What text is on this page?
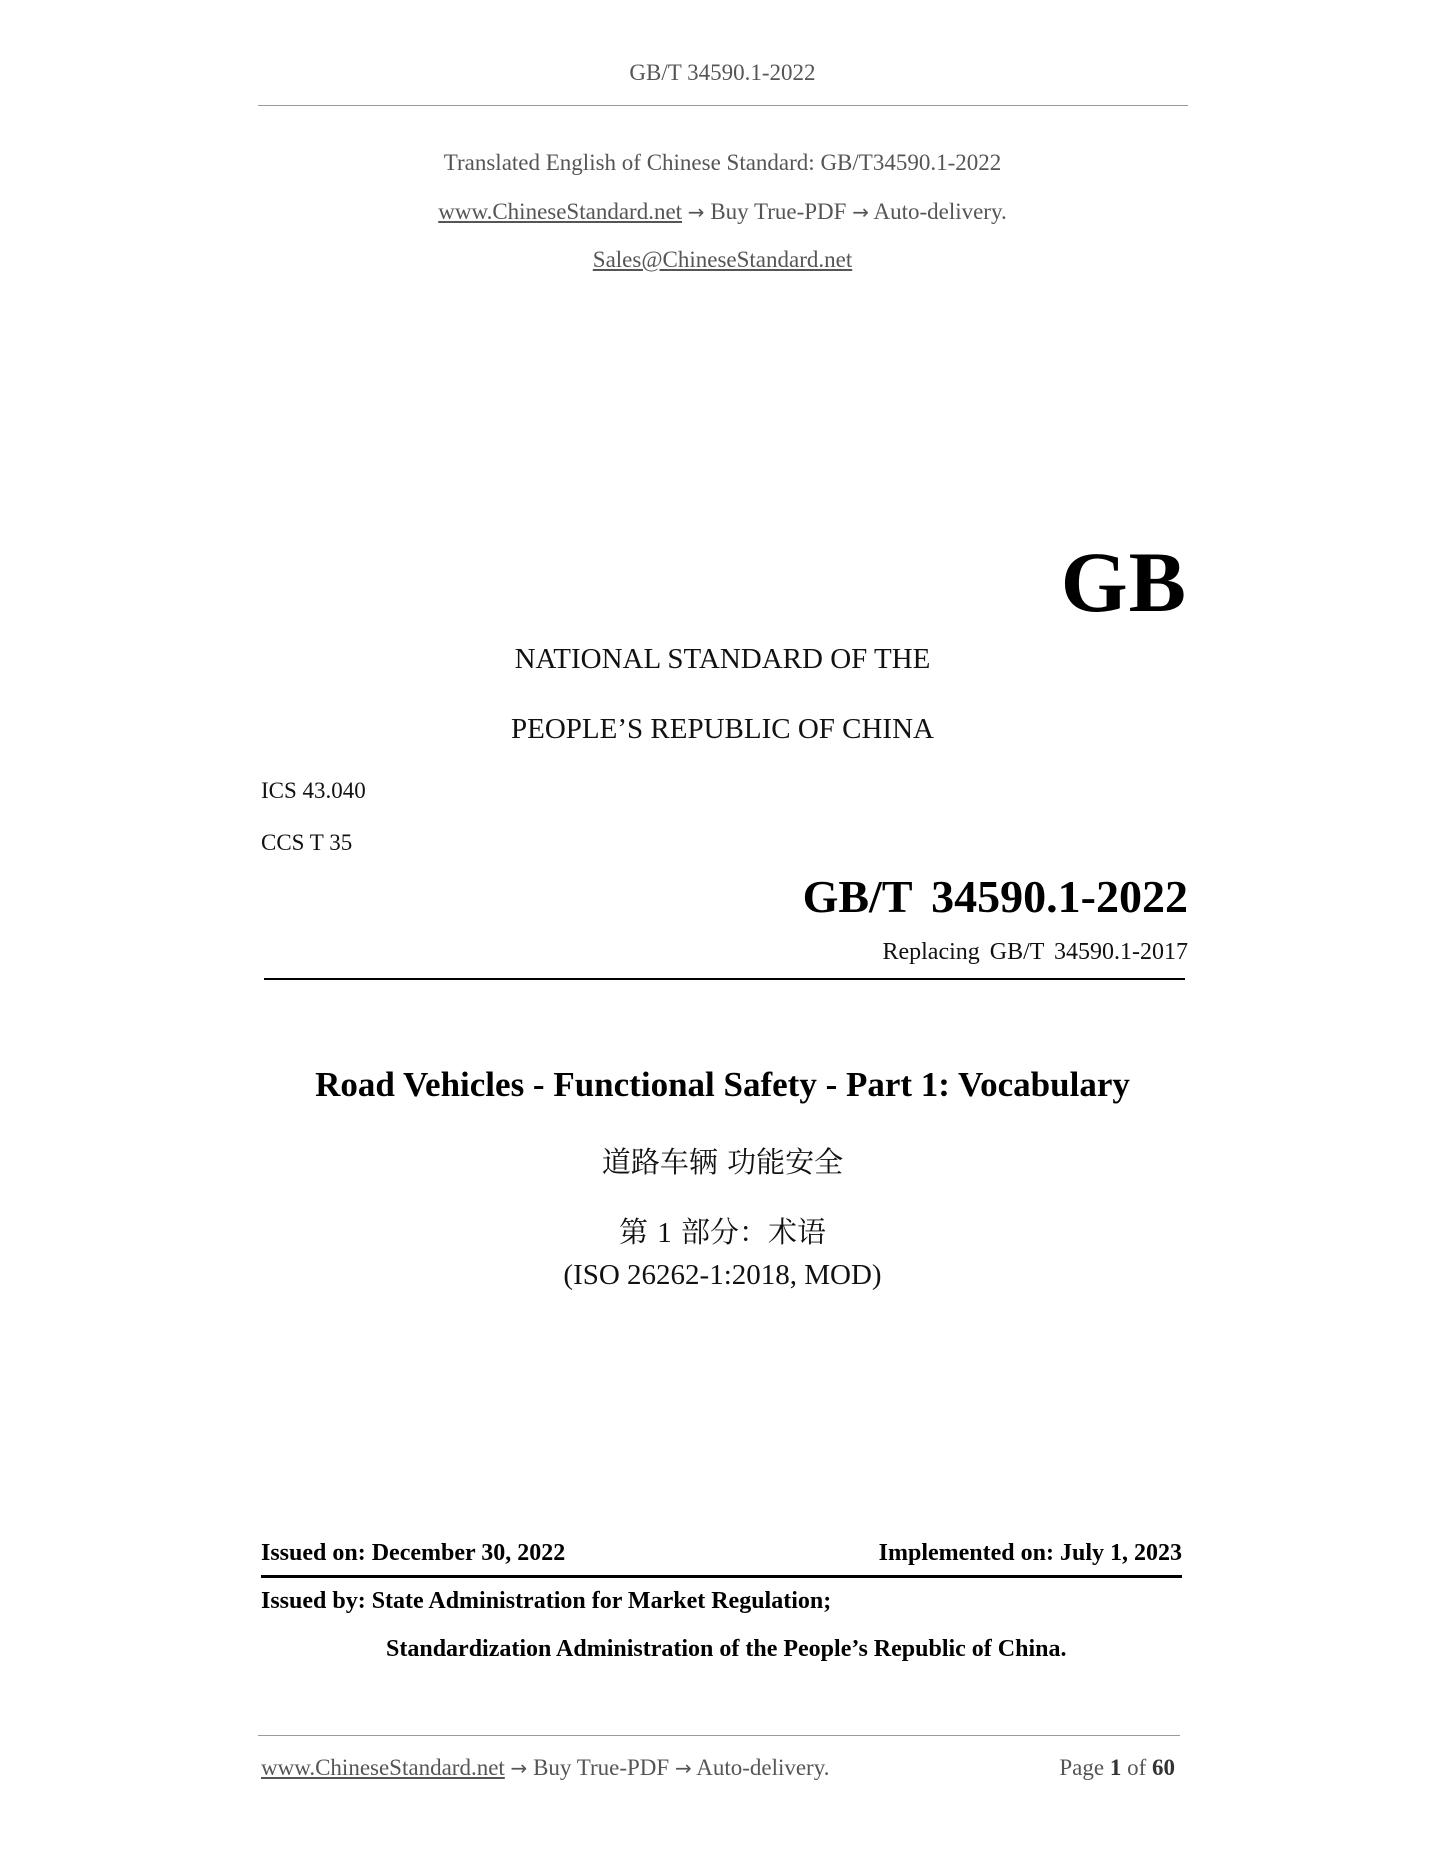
GB/T 34590.1-2022
Translated English of Chinese Standard: GB/T34590.1-2022
www.ChineseStandard.net → Buy True-PDF → Auto-delivery.
Sales@ChineseStandard.net
GB
NATIONAL STANDARD OF THE
PEOPLE’S REPUBLIC OF CHINA
ICS 43.040
CCS T 35
GB/T 34590.1-2022
Replacing GB/T 34590.1-2017
Road Vehicles - Functional Safety - Part 1: Vocabulary
道路车辆 功能安全
第 1 部分：术语
(ISO 26262-1:2018, MOD)
Issued on: December 30, 2022	Implemented on: July 1, 2023
Issued by: State Administration for Market Regulation;
Standardization Administration of the People’s Republic of China.
www.ChineseStandard.net → Buy True-PDF → Auto-delivery.	Page 1 of 60
